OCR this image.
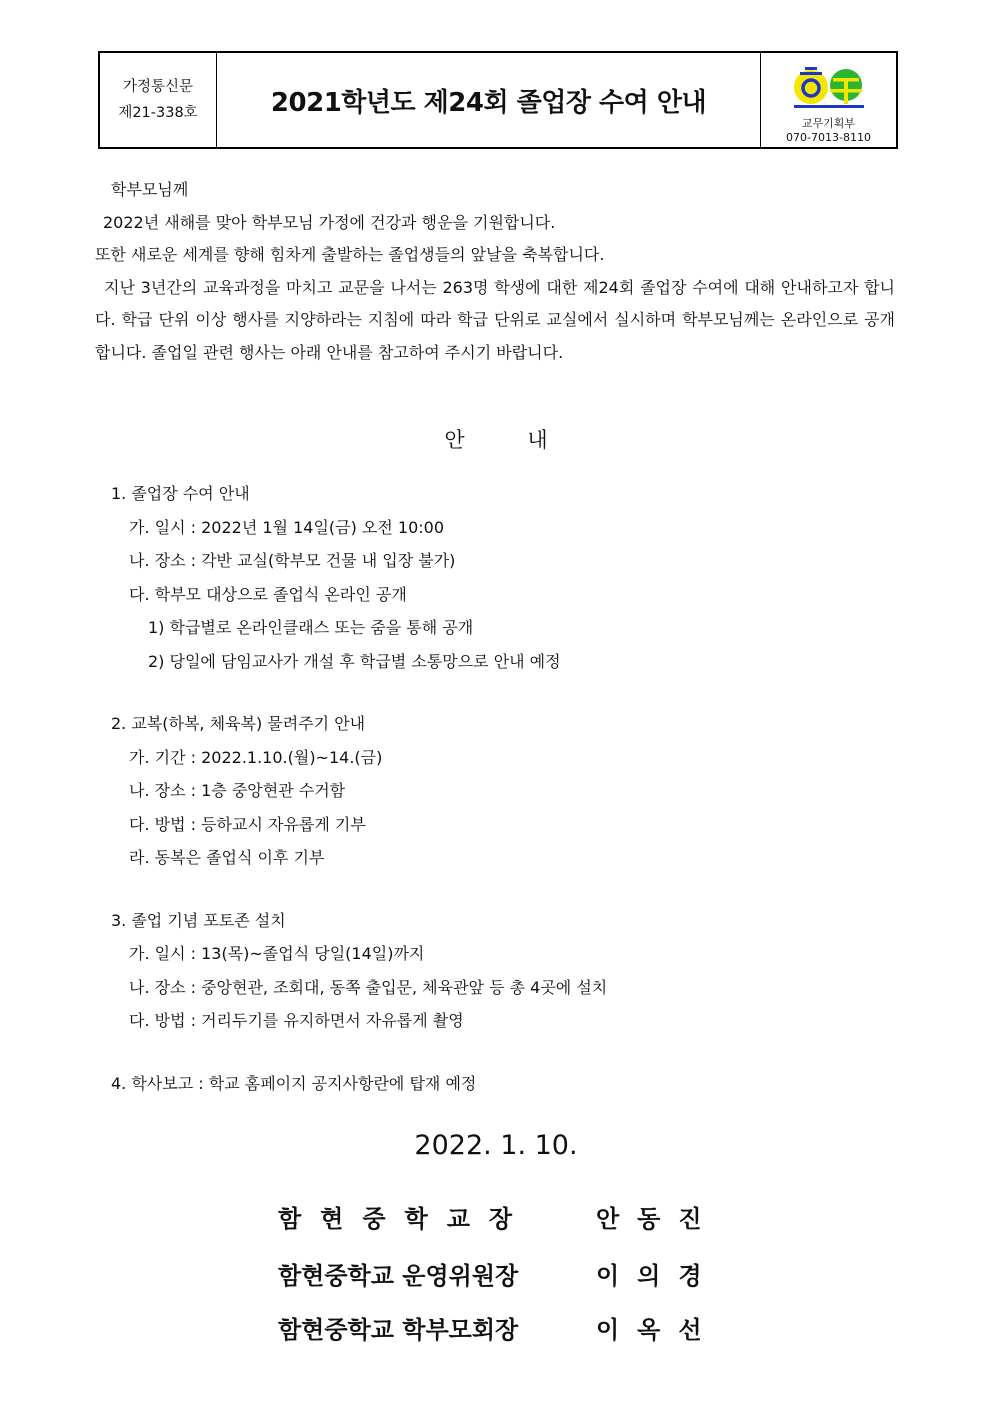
가정통신문
제21-338호	2021학년도 제24회 졸업장 수여 안내
교무기획부
070-7013-8110

학부모님께

2022년 새해를 맞아 학부모님 가정에 건강과 행운을 기원합니다.

또한 새로운 세계를 향해 힘차게 출발하는 졸업생들의 앞날을 축복합니다.

지난 3년간의 교육과정을 마치고 교문을 나서는 263명 학생에 대한 제24회 졸업장 수여에 대해 안내하고자 합니다. 학급 단위 이상 행사를 지양하라는 지침에 따라 학급 단위로 교실에서 실시하며 학부모님께는 온라인으로 공개합니다. 졸업일 관련 행사는 아래 안내를 참고하여 주시기 바랍니다.

안	내
1. 졸업장 수여 안내
가. 일시 : 2022년 1월 14일(금) 오전 10:00
나. 장소 : 각반 교실(학부모 건물 내 입장 불가)
다. 학부모 대상으로 졸업식 온라인 공개
1) 학급별로 온라인클래스 또는 줌을 통해 공개
2) 당일에 담임교사가 개설 후 학급별 소통망으로 안내 예정
2. 교복(하복, 체육복) 물려주기 안내
가. 기간 : 2022.1.10.(월)~14.(금)
나. 장소 : 1층 중앙현관 수거함
다. 방법 : 등하교시 자유롭게 기부
라. 동복은 졸업식 이후 기부
3. 졸업 기념 포토존 설치
가. 일시 : 13(목)~졸업식 당일(14일)까지
나. 장소 : 중앙현관, 조회대, 동쪽 출입문, 체육관앞 등 총 4곳에 설치
다. 방법 : 거리두기를 유지하면서 자유롭게 촬영
4. 학사보고 : 학교 홈페이지 공지사항란에 탑재 예정
2022. 1. 10.
함현중학교장	안동진
함현중학교 운영위원장	이의경
함현중학교 학부모회장	이옥선
